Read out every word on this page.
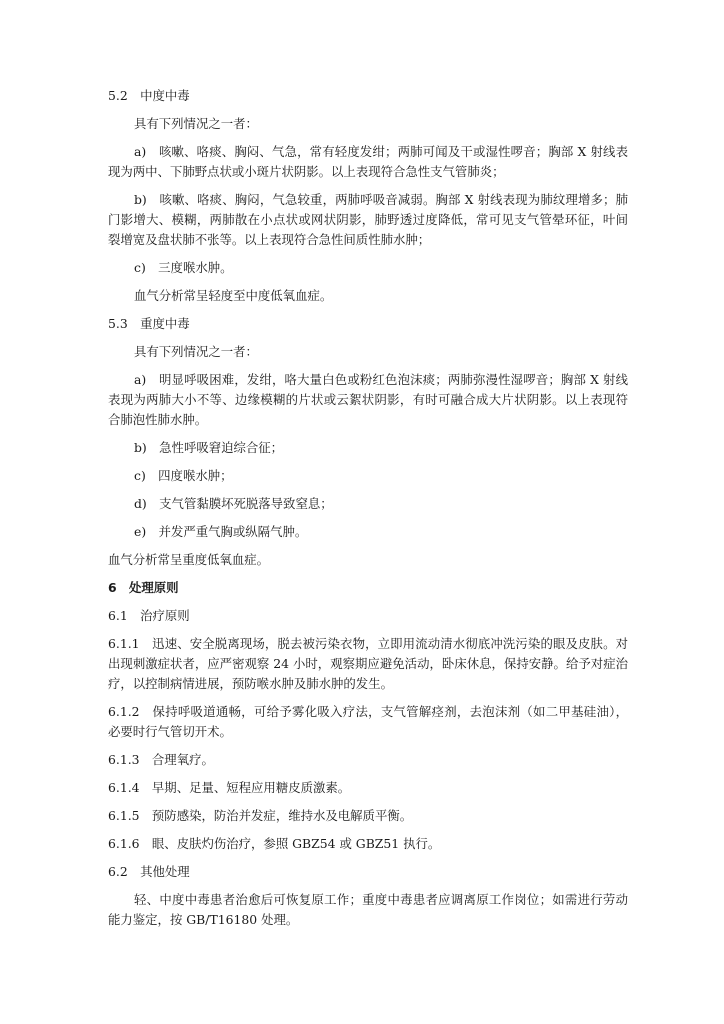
5.2　中度中毒
具有下列情况之一者：
a)　咳嗽、咯痰、胸闷、气急，常有轻度发绀；两肺可闻及干或湿性啰音；胸部 X 射线表现为两中、下肺野点状或小斑片状阴影。以上表现符合急性支气管肺炎；
b)　咳嗽、咯痰、胸闷，气急较重，两肺呼吸音减弱。胸部 X 射线表现为肺纹理增多；肺门影增大、模糊，两肺散在小点状或网状阴影，肺野透过度降低，常可见支气管晕环征，叶间裂增宽及盘状肺不张等。以上表现符合急性间质性肺水肿；
c)　三度喉水肿。
血气分析常呈轻度至中度低氧血症。
5.3　重度中毒
具有下列情况之一者：
a)　明显呼吸困难，发绀，咯大量白色或粉红色泡沫痰；两肺弥漫性湿啰音；胸部 X 射线表现为两肺大小不等、边缘模糊的片状或云絮状阴影，有时可融合成大片状阴影。以上表现符合肺泡性肺水肿。
b)　急性呼吸窘迫综合征；
c)　四度喉水肿；
d)　支气管黏膜坏死脱落导致窒息；
e)　并发严重气胸或纵隔气肿。
血气分析常呈重度低氧血症。
6　处理原则
6.1　治疗原则
6.1.1　迅速、安全脱离现场，脱去被污染衣物，立即用流动清水彻底冲洗污染的眼及皮肤。对出现刺激症状者，应严密观察 24 小时，观察期应避免活动，卧床休息，保持安静。给予对症治疗，以控制病情进展，预防喉水肿及肺水肿的发生。
6.1.2　保持呼吸道通畅，可给予雾化吸入疗法，支气管解痉剂，去泡沫剂（如二甲基硅油），必要时行气管切开术。
6.1.3　合理氧疗。
6.1.4　早期、足量、短程应用糖皮质激素。
6.1.5　预防感染，防治并发症，维持水及电解质平衡。
6.1.6　眼、皮肤灼伤治疗，参照 GBZ54 或 GBZ51 执行。
6.2　其他处理
轻、中度中毒患者治愈后可恢复原工作；重度中毒患者应调离原工作岗位；如需进行劳动能力鉴定，按 GB/T16180 处理。
